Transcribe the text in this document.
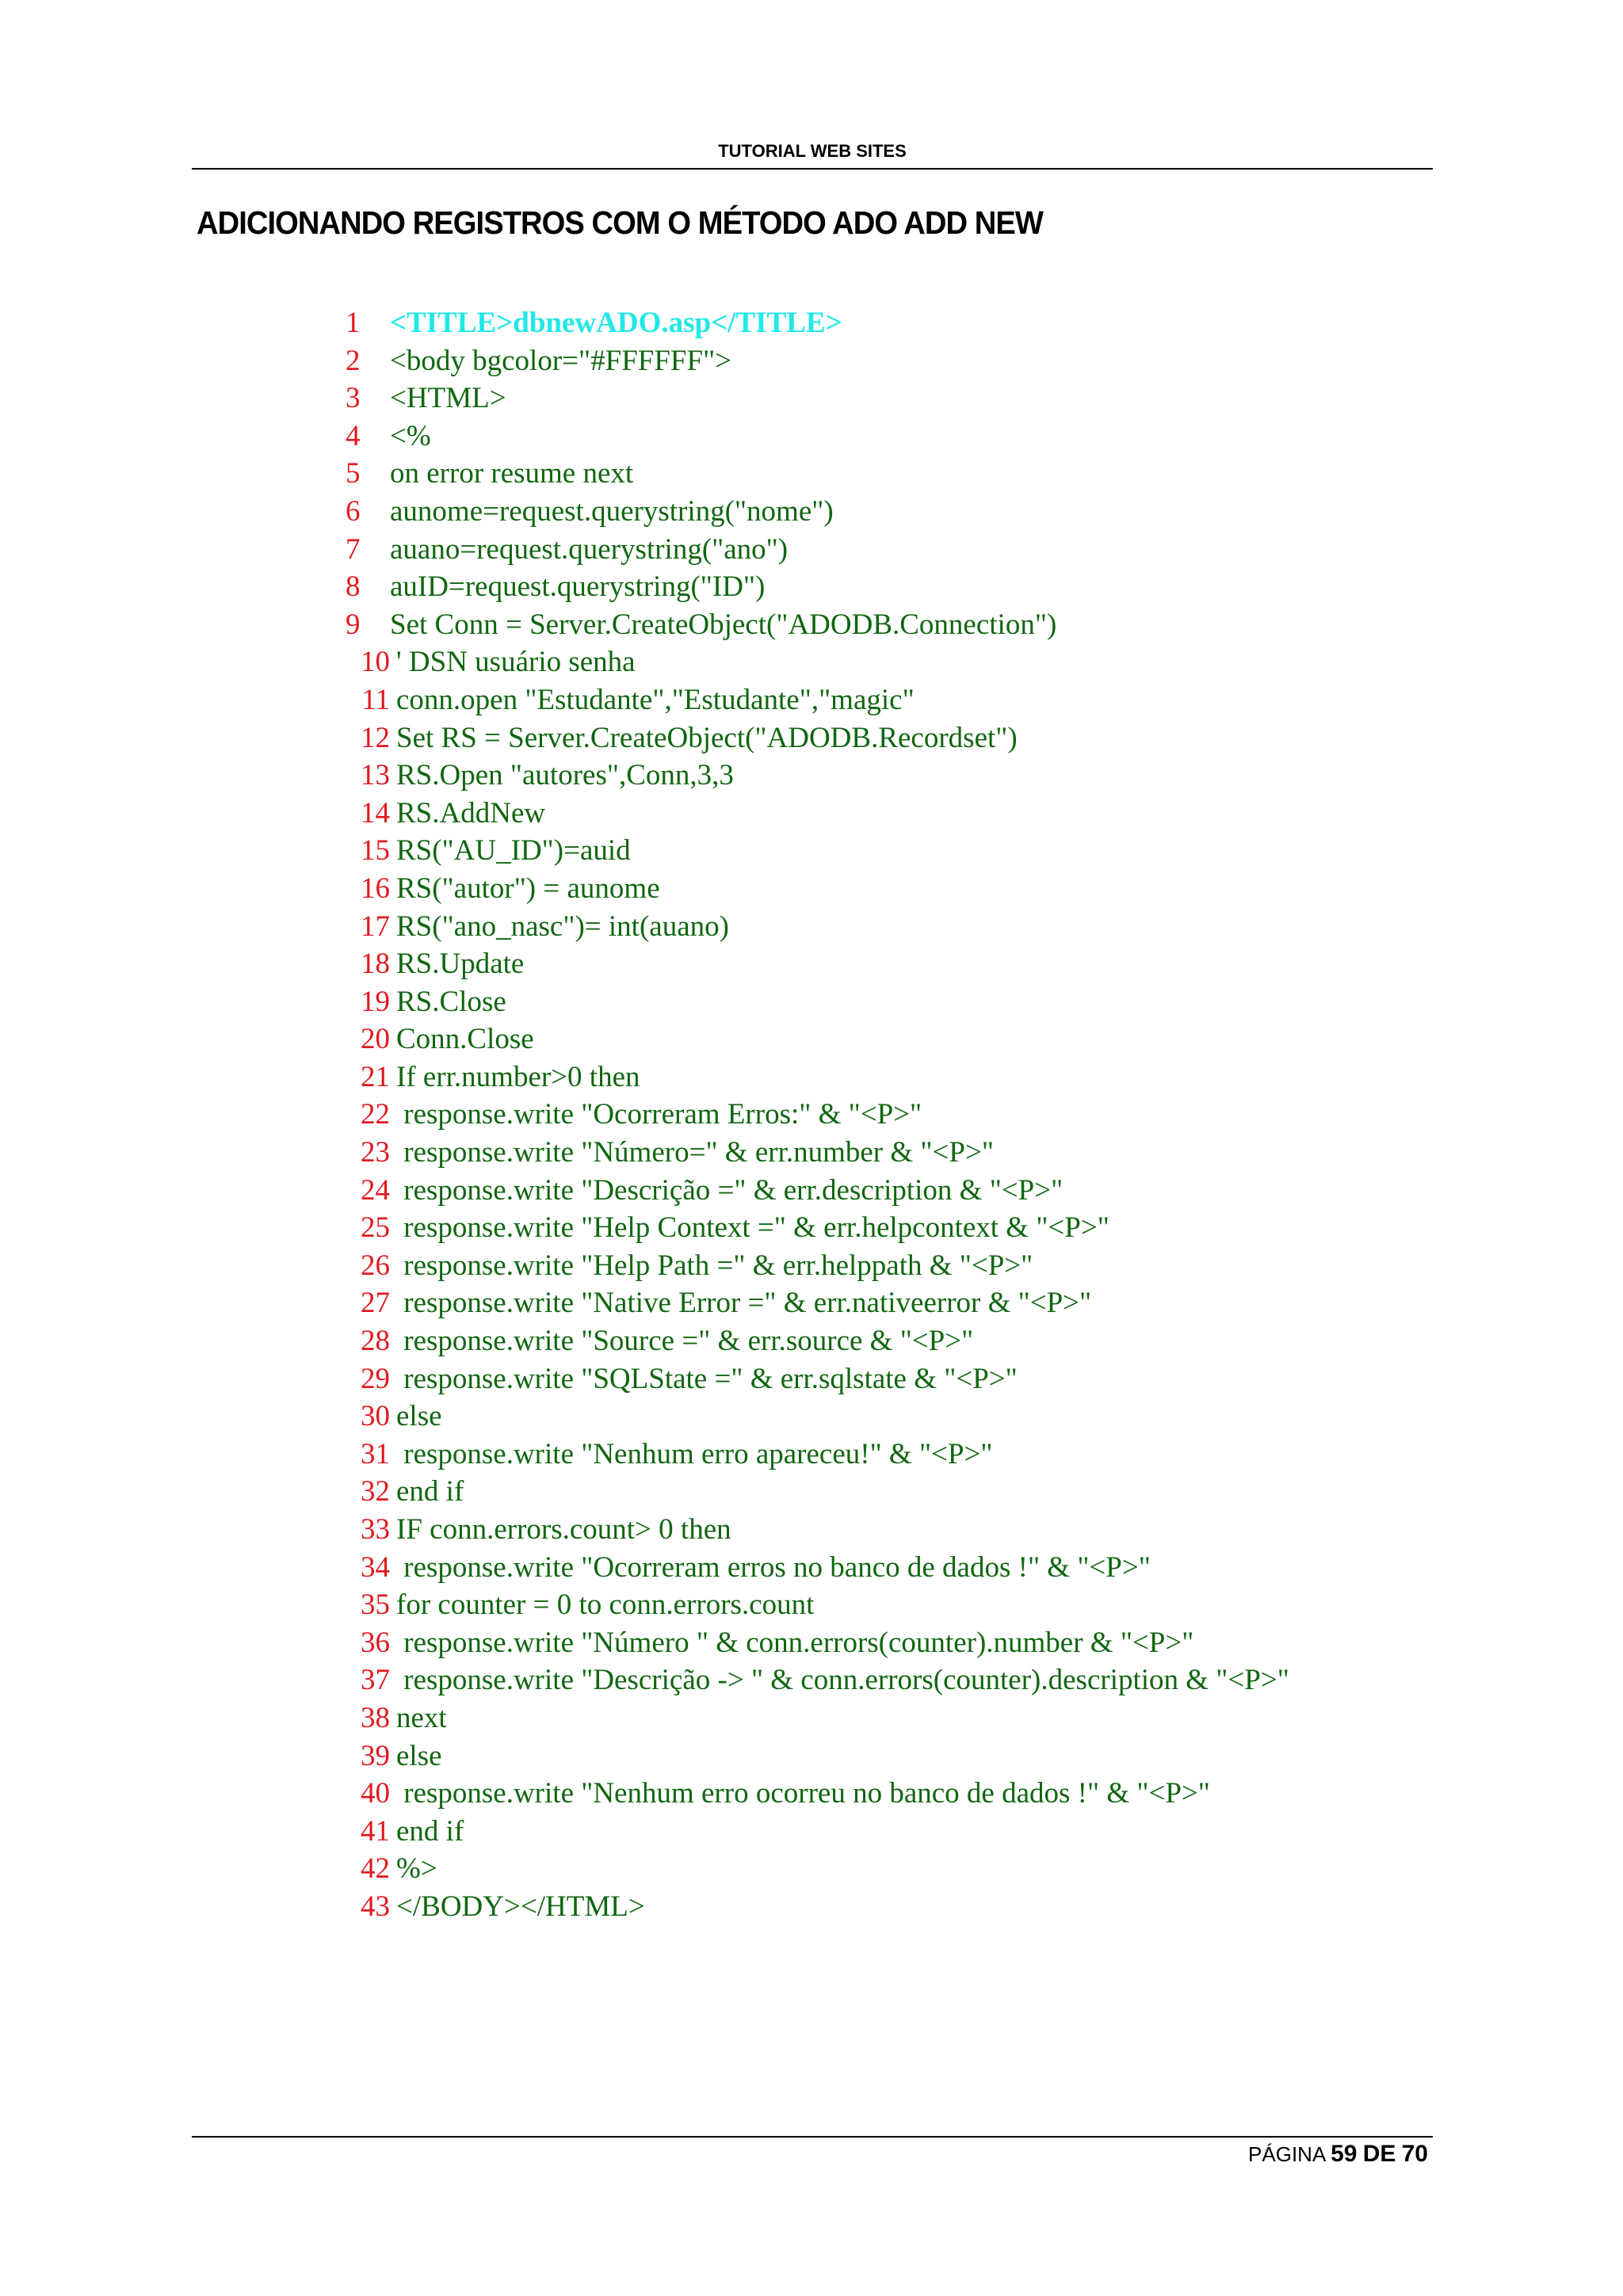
TUTORIAL WEB SITES
ADICIONANDO REGISTROS COM O MÉTODO ADO ADD NEW
1 <TITLE>dbnewADO.asp</TITLE>
2 <body bgcolor="#FFFFFF">
3 <HTML>
4 <%
5 on error resume next
6 aunome=request.querystring("nome")
7 auano=request.querystring("ano")
8 auID=request.querystring("ID")
9 Set Conn = Server.CreateObject("ADODB.Connection")
10 ' DSN usuário senha
11 conn.open "Estudante","Estudante","magic"
12 Set RS = Server.CreateObject("ADODB.Recordset")
13 RS.Open "autores",Conn,3,3
14 RS.AddNew
15 RS("AU_ID")=auid
16 RS("autor") = aunome
17 RS("ano_nasc")= int(auano)
18 RS.Update
19 RS.Close
20 Conn.Close
21 If err.number>0 then
22 response.write "Ocorreram Erros:" & "<P>"
23 response.write "Número=" & err.number & "<P>"
24 response.write "Descrição =" & err.description & "<P>"
25 response.write "Help Context =" & err.helpcontext & "<P>"
26 response.write "Help Path =" & err.helppath & "<P>"
27 response.write "Native Error =" & err.nativeerror & "<P>"
28 response.write "Source =" & err.source & "<P>"
29 response.write "SQLState =" & err.sqlstate & "<P>"
30 else
31 response.write "Nenhum erro apareceu!" & "<P>"
32 end if
33 IF conn.errors.count> 0 then
34 response.write "Ocorreram erros no banco de dados !" & "<P>"
35 for counter = 0 to conn.errors.count
36 response.write "Número " & conn.errors(counter).number & "<P>"
37 response.write "Descrição -> " & conn.errors(counter).description & "<P>"
38 next
39 else
40 response.write "Nenhum erro ocorreu no banco de dados !" & "<P>"
41 end if
42 %>
43 </BODY></HTML>
PÁGINA 59 DE 70
